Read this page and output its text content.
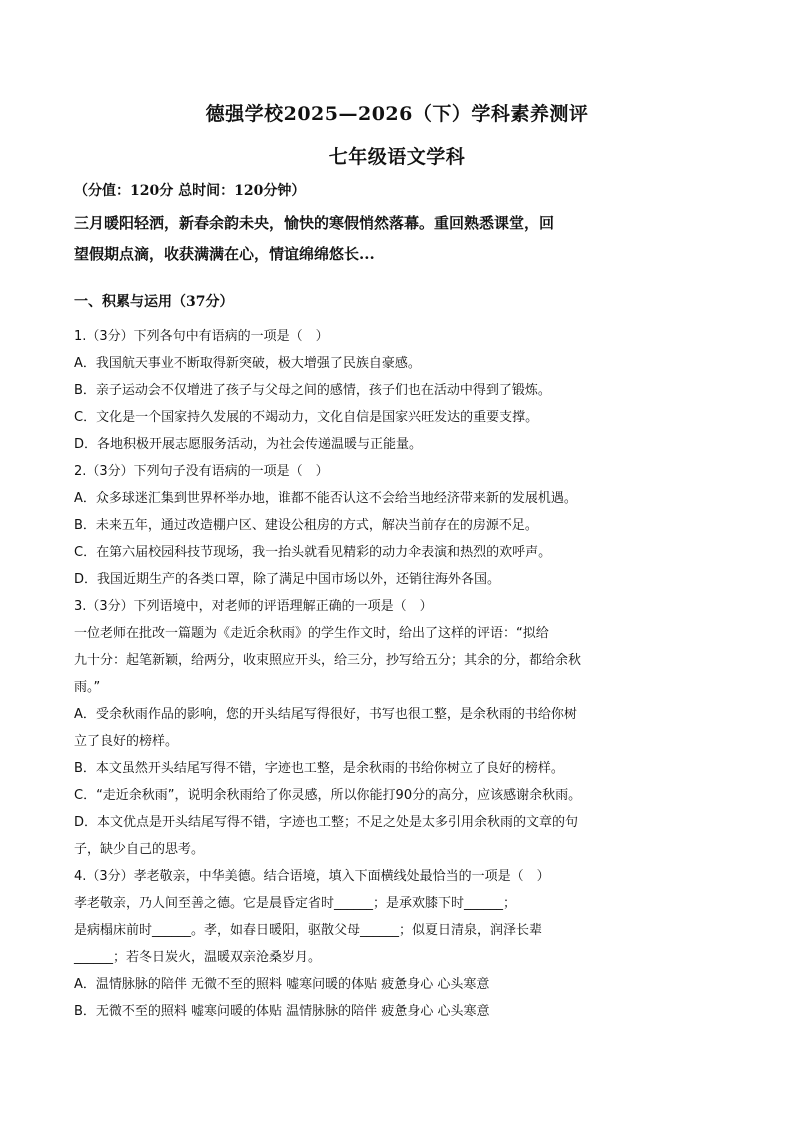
德强学校2025—2026（下）学科素养测评
七年级语文学科
（分值：120分 总时间：120分钟）
三月暖阳轻洒，新春余韵未央，愉快的寒假悄然落幕。重回熟悉课堂，回
望假期点滴，收获满满在心，情谊绵绵悠长...
一、积累与运用（37分）
1.（3分）下列各句中有语病的一项是（　）
A．我国航天事业不断取得新突破，极大增强了民族自豪感。
B．亲子运动会不仅增进了孩子与父母之间的感情，孩子们也在活动中得到了锻炼。
C．文化是一个国家持久发展的不竭动力，文化自信是国家兴旺发达的重要支撑。
D．各地积极开展志愿服务活动，为社会传递温暖与正能量。
2.（3分）下列句子没有语病的一项是（　）
A．众多球迷汇集到世界杯举办地，谁都不能否认这不会给当地经济带来新的发展机遇。
B．未来五年，通过改造棚户区、建设公租房的方式，解决当前存在的房源不足。
C．在第六届校园科技节现场，我一抬头就看见精彩的动力伞表演和热烈的欢呼声。
D．我国近期生产的各类口罩，除了满足中国市场以外，还销往海外各国。
3.（3分）下列语境中，对老师的评语理解正确的一项是（　）
一位老师在批改一篇题为《走近余秋雨》的学生作文时，给出了这样的评语：“拟给
九十分：起笔新颖，给两分，收束照应开头，给三分，抄写给五分；其余的分，都给余秋
雨。”
A．受余秋雨作品的影响，您的开头结尾写得很好，书写也很工整，是余秋雨的书给你树
立了良好的榜样。
B．本文虽然开头结尾写得不错，字迹也工整，是余秋雨的书给你树立了良好的榜样。
C．“走近余秋雨”，说明余秋雨给了你灵感，所以你能打90分的高分，应该感谢余秋雨。
D．本文优点是开头结尾写得不错，字迹也工整；不足之处是太多引用余秋雨的文章的句
子，缺少自己的思考。
4.（3分）孝老敬亲，中华美德。结合语境，填入下面横线处最恰当的一项是（　）
孝老敬亲，乃人间至善之德。它是晨昏定省时______；是承欢膝下时______；
是病榻床前时______。孝，如春日暖阳，驱散父母______；似夏日清泉，润泽长辈
______；若冬日炭火，温暖双亲沧桑岁月。
A．温情脉脉的陪伴 无微不至的照料 嘘寒问暖的体贴 疲惫身心 心头寒意
B．无微不至的照料 嘘寒问暖的体贴 温情脉脉的陪伴 疲惫身心 心头寒意
